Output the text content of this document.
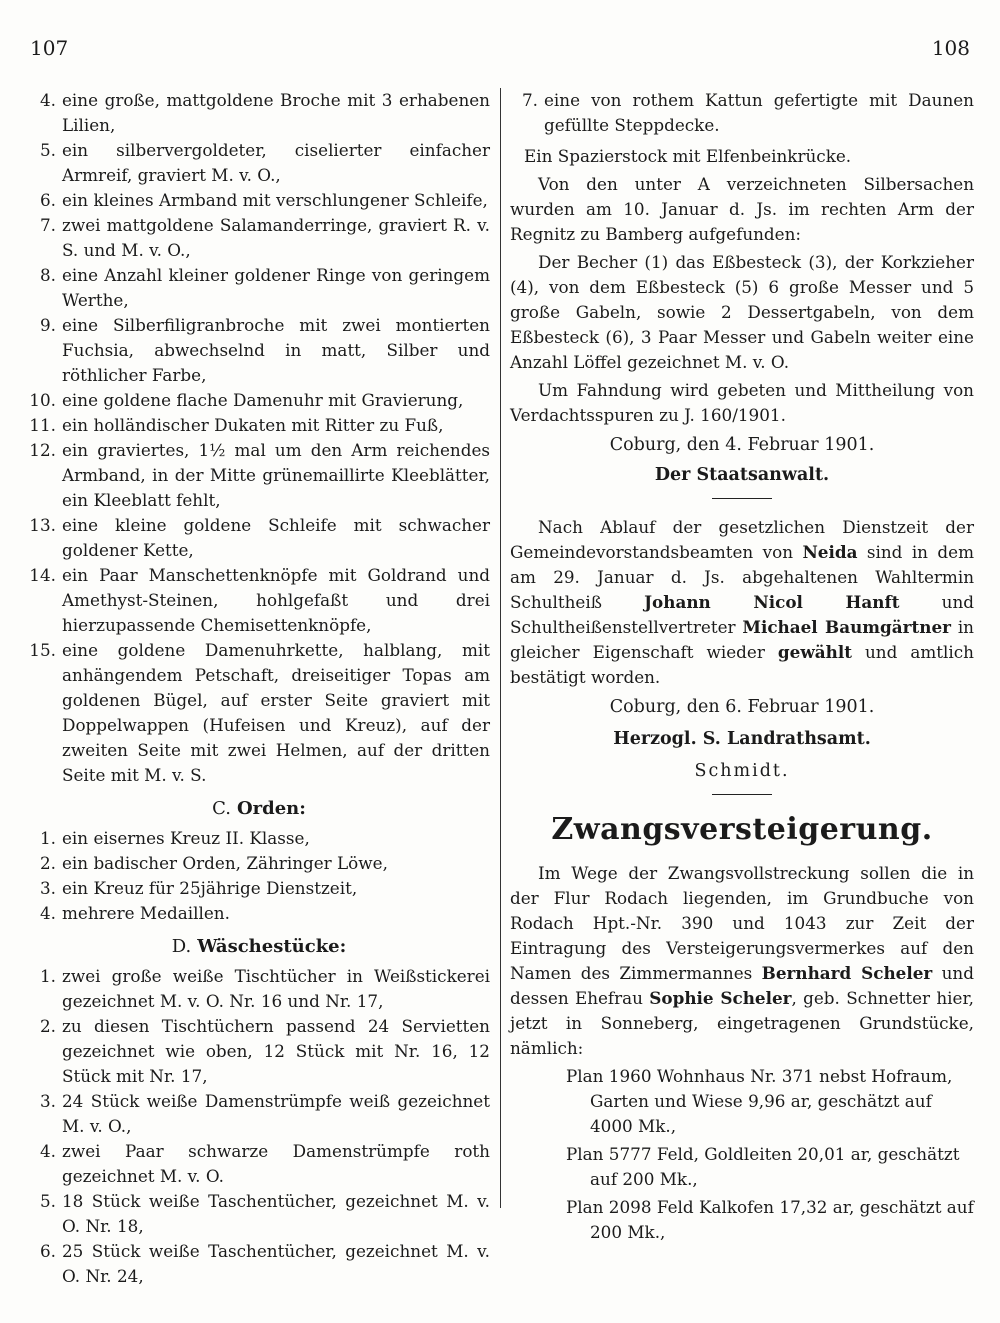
107	108
4. eine große, mattgoldene Broche mit 3 erhabenen Lilien,
5. ein silbervergoldeter, ciselierter einfacher Armreif, graviert M. v. O.,
6. ein kleines Armband mit verschlungener Schleife,
7. zwei mattgoldene Salamanderringe, graviert R. v. S. und M. v. O.,
8. eine Anzahl kleiner goldener Ringe von geringem Werthe,
9. eine Silberfiligranbroche mit zwei montierten Fuchsia, abwechselnd in matt, Silber und röthlicher Farbe,
10. eine goldene flache Damenuhr mit Gravierung,
11. ein holländischer Dukaten mit Ritter zu Fuß,
12. ein graviertes, 1½ mal um den Arm reichendes Armband, in der Mitte grünemaillirte Kleeblätter, ein Kleeblatt fehlt,
13. eine kleine goldene Schleife mit schwacher goldener Kette,
14. ein Paar Manschettenknöpfe mit Goldrand und Amethyst-Steinen, hohlgefaßt und drei hierzupassende Chemisettenknöpfe,
15. eine goldene Damenuhrkette, halblang, mit anhängendem Petschaft, dreiseitiger Topas am goldenen Bügel, auf erster Seite graviert mit Doppelwappen (Hufeisen und Kreuz), auf der zweiten Seite mit zwei Helmen, auf der dritten Seite mit M. v. S.
C. Orden:
1. ein eisernes Kreuz II. Klasse,
2. ein badischer Orden, Zähringer Löwe,
3. ein Kreuz für 25jährige Dienstzeit,
4. mehrere Medaillen.
D. Wäschestücke:
1. zwei große weiße Tischtücher in Weißstickerei gezeichnet M. v. O. Nr. 16 und Nr. 17,
2. zu diesen Tischtüchern passend 24 Servietten gezeichnet wie oben, 12 Stück mit Nr. 16, 12 Stück mit Nr. 17,
3. 24 Stück weiße Damenstrümpfe weiß gezeichnet M. v. O.,
4. zwei Paar schwarze Damenstrümpfe roth gezeichnet M. v. O.
5. 18 Stück weiße Taschentücher, gezeichnet M. v. O. Nr. 18,
6. 25 Stück weiße Taschentücher, gezeichnet M. v. O. Nr. 24,
7. eine von rothem Kattun gefertigte mit Daunen gefüllte Steppdecke.
Ein Spazierstock mit Elfenbeinkrücke.
Von den unter A verzeichneten Silbersachen wurden am 10. Januar d. Js. im rechten Arm der Regnitz zu Bamberg aufgefunden:
Der Becher (1) das Eßbesteck (3), der Korkzieher (4), von dem Eßbesteck (5) 6 große Messer und 5 große Gabeln, sowie 2 Dessertgabeln, von dem Eßbesteck (6), 3 Paar Messer und Gabeln weiter eine Anzahl Löffel gezeichnet M. v. O.
Um Fahndung wird gebeten und Mittheilung von Verdachtsspuren zu J. 160/1901.
Coburg, den 4. Februar 1901.
Der Staatsanwalt.
Nach Ablauf der gesetzlichen Dienstzeit der Gemeindevorstandsbeamten von Neida sind in dem am 29. Januar d. Js. abgehaltenen Wahltermin Schultheiß Johann Nicol Hanft und Schultheißenstellvertreter Michael Baumgärtner in gleicher Eigenschaft wieder gewählt und amtlich bestätigt worden.
Coburg, den 6. Februar 1901.
Herzogl. S. Landrathsamt.
Schmidt.
Zwangsversteigerung.
Im Wege der Zwangsvollstreckung sollen die in der Flur Rodach liegenden, im Grundbuche von Rodach Hpt.-Nr. 390 und 1043 zur Zeit der Eintragung des Versteigerungsvermerkes auf den Namen des Zimmermannes Bernhard Scheler und dessen Ehefrau Sophie Scheler, geb. Schnetter hier, jetzt in Sonneberg, eingetragenen Grundstücke, nämlich:
Plan 1960 Wohnhaus Nr. 371 nebst Hofraum, Garten und Wiese 9,96 ar, geschätzt auf 4000 Mk.,
Plan 5777 Feld, Goldleiten 20,01 ar, geschätzt auf 200 Mk.,
Plan 2098 Feld Kalkofen 17,32 ar, geschätzt auf 200 Mk.,
